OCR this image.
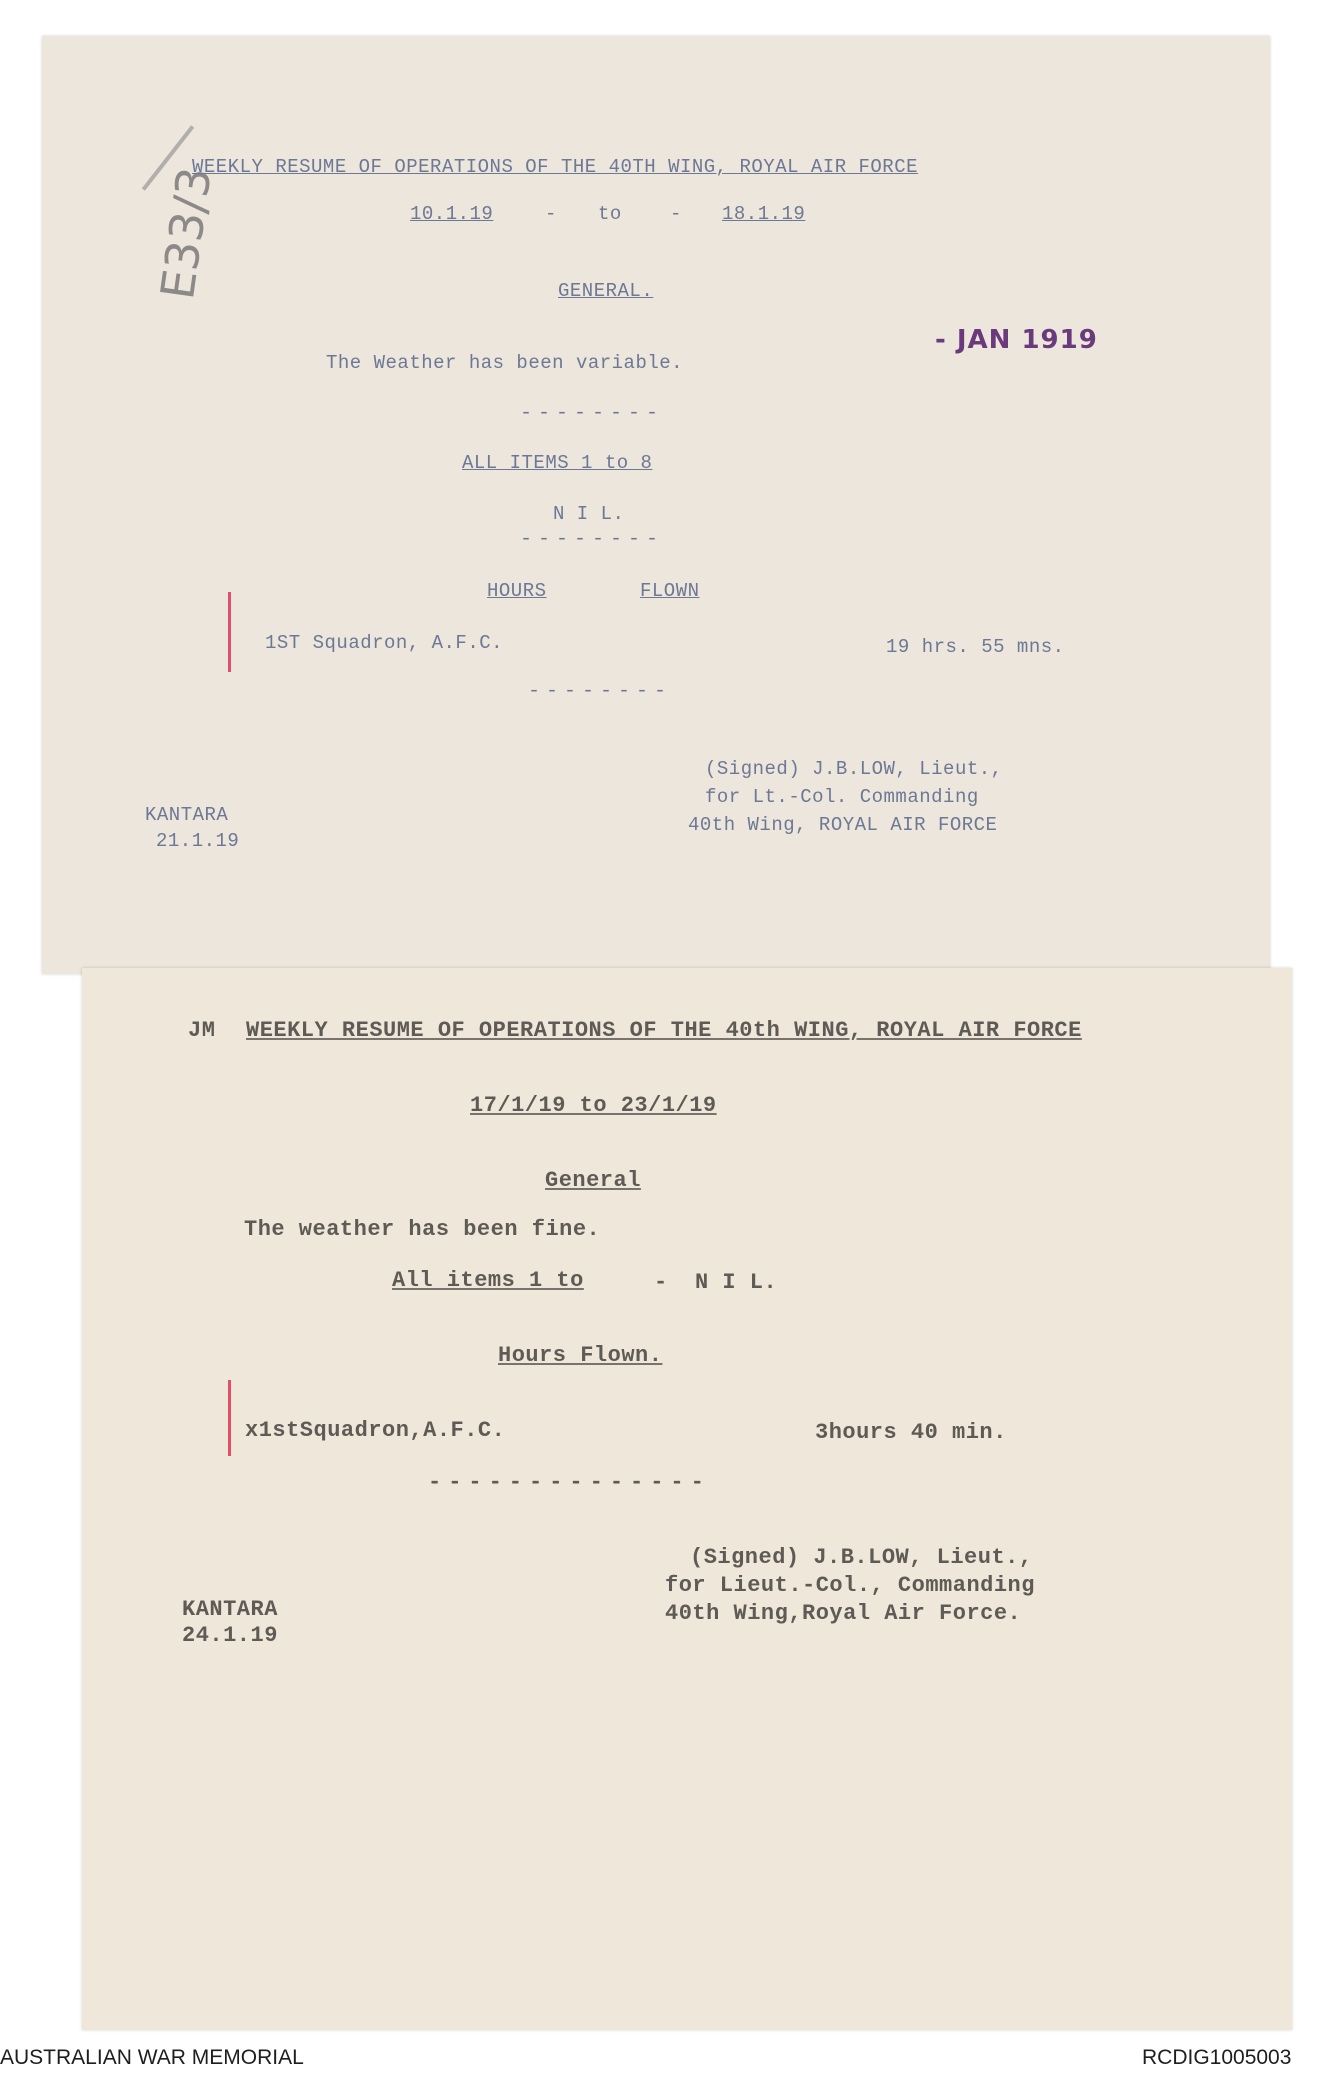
E33/3
WEEKLY RESUME OF OPERATIONS OF THE 40TH WING, ROYAL AIR FORCE
10.1.19	- to	- 18.1.19
GENERAL.
- JAN 1919
The Weather has been variable.
--------
ALL ITEMS 1 to 8
N I L.
--------
HOURS	FLOWN
1ST Squadron, A.F.C.	19 hrs. 55 mns.
--------
(Signed) J.B.LOW, Lieut.,
for Lt.-Col. Commanding
40th Wing, ROYAL AIR FORCE
KANTARA
21.1.19
JM WEEKLY RESUME OF OPERATIONS OF THE 40th WING, ROYAL AIR FORCE
17/1/19 to 23/1/19
General
The weather has been fine.
All items 1 to	- N I L.
Hours Flown.
x1stSquadron,A.F.C.	3hours 40 min.
--------------
(Signed) J.B.LOW, Lieut.,
for Lieut.-Col., Commanding
40th Wing,Royal Air Force.
KANTARA
24.1.19
AUSTRALIAN WAR MEMORIAL	RCDIG1005003
